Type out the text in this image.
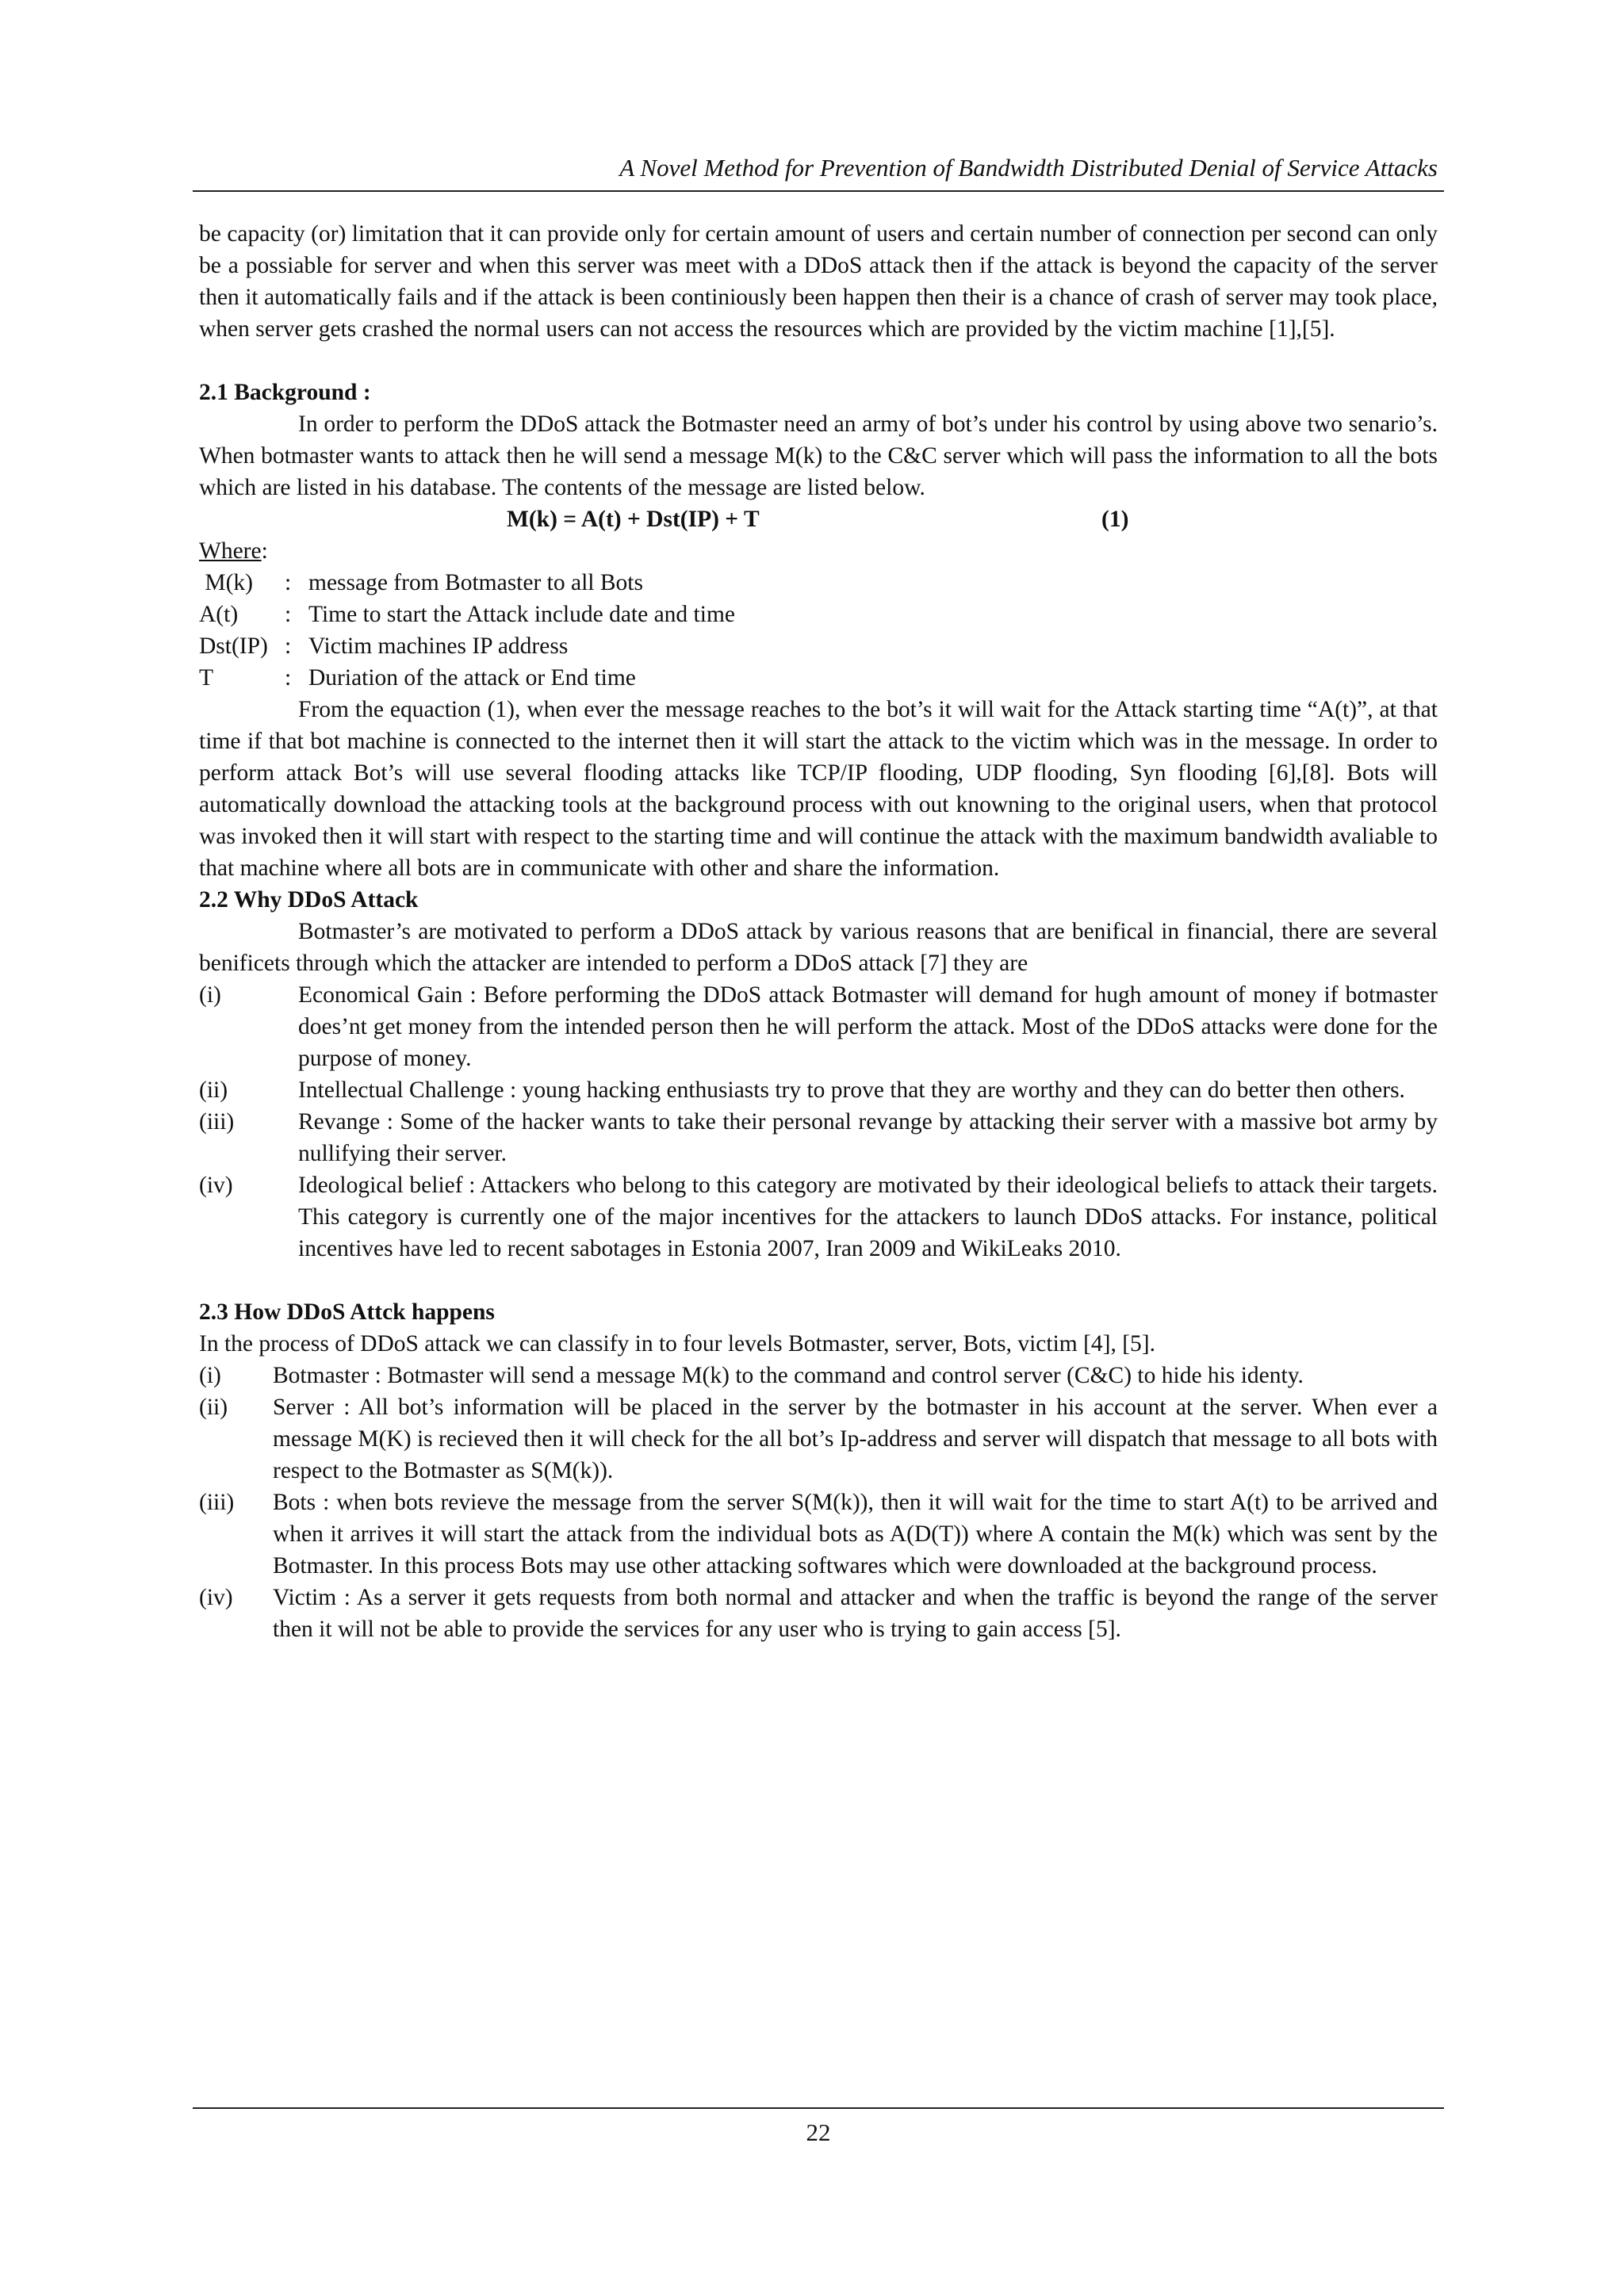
A Novel Method for Prevention of Bandwidth Distributed Denial of Service Attacks

be capacity (or) limitation that it can provide only for certain amount of users and certain number of connection per second can only be a possiable for server and when this server was meet with a DDoS attack then if the attack is beyond the capacity of the server then it automatically fails and if the attack is been continiously been happen then their is a chance of crash of server may took place, when server gets crashed the normal users can not access the resources which are provided by the victim machine [1],[5].

2.1 Background :

In order to perform the DDoS attack the Botmaster need an army of bot’s under his control by using above two senario’s. When botmaster wants to attack then he will send a message M(k) to the C&C server which will pass the information to all the bots which are listed in his database. The contents of the message are listed below.

M(k) = A(t) + Dst(IP) + T	(1)
Where:
M(k)	: message from Botmaster to all Bots
A(t)	: Time to start the Attack include date and time
Dst(IP) : Victim machines IP address
T	: Duriation of the attack or End time

From the equaction (1), when ever the message reaches to the bot’s it will wait for the Attack starting time “A(t)”, at that time if that bot machine is connected to the internet then it will start the attack to the victim which was in the message. In order to perform attack Bot’s will use several flooding attacks like TCP/IP flooding, UDP flooding, Syn flooding [6],[8]. Bots will automatically download the attacking tools at the background process with out knowning to the original users, when that protocol was invoked then it will start with respect to the starting time and will continue the attack with the maximum bandwidth avaliable to that machine where all bots are in communicate with other and share the information.

2.2 Why DDoS Attack

Botmaster’s are motivated to perform a DDoS attack by various reasons that are benifical in financial, there are several benificets through which the attacker are intended to perform a DDoS attack [7] they are

(i)	Economical Gain : Before performing the DDoS attack Botmaster will demand for hugh amount of money if botmaster does’nt get money from the intended person then he will perform the attack. Most of the DDoS attacks were done for the purpose of money.
(ii)	Intellectual Challenge : young hacking enthusiasts try to prove that they are worthy and they can do better then others.
(iii)	Revange : Some of the hacker wants to take their personal revange by attacking their server with a massive bot army by nullifying their server.
(iv)	Ideological belief : Attackers who belong to this category are motivated by their ideological beliefs to attack their targets. This category is currently one of the major incentives for the attackers to launch DDoS attacks. For instance, political incentives have led to recent sabotages in Estonia 2007, Iran 2009 and WikiLeaks 2010.
2.3 How DDoS Attck happens

In the process of DDoS attack we can classify in to four levels Botmaster, server, Bots, victim [4], [5].

(i)	Botmaster : Botmaster will send a message M(k) to the command and control server (C&C) to hide his identy.
(ii)	Server : All bot’s information will be placed in the server by the botmaster in his account at the server. When ever a message M(K) is recieved then it will check for the all bot’s Ip-address and server will dispatch that message to all bots with respect to the Botmaster as S(M(k)).
(iii)	Bots : when bots revieve the message from the server S(M(k)), then it will wait for the time to start A(t) to be arrived and when it arrives it will start the attack from the individual bots as A(D(T)) where A contain the M(k) which was sent by the Botmaster. In this process Bots may use other attacking softwares which were downloaded at the background process.
(iv)	Victim : As a server it gets requests from both normal and attacker and when the traffic is beyond the range of the server then it will not be able to provide the services for any user who is trying to gain access [5].
22
